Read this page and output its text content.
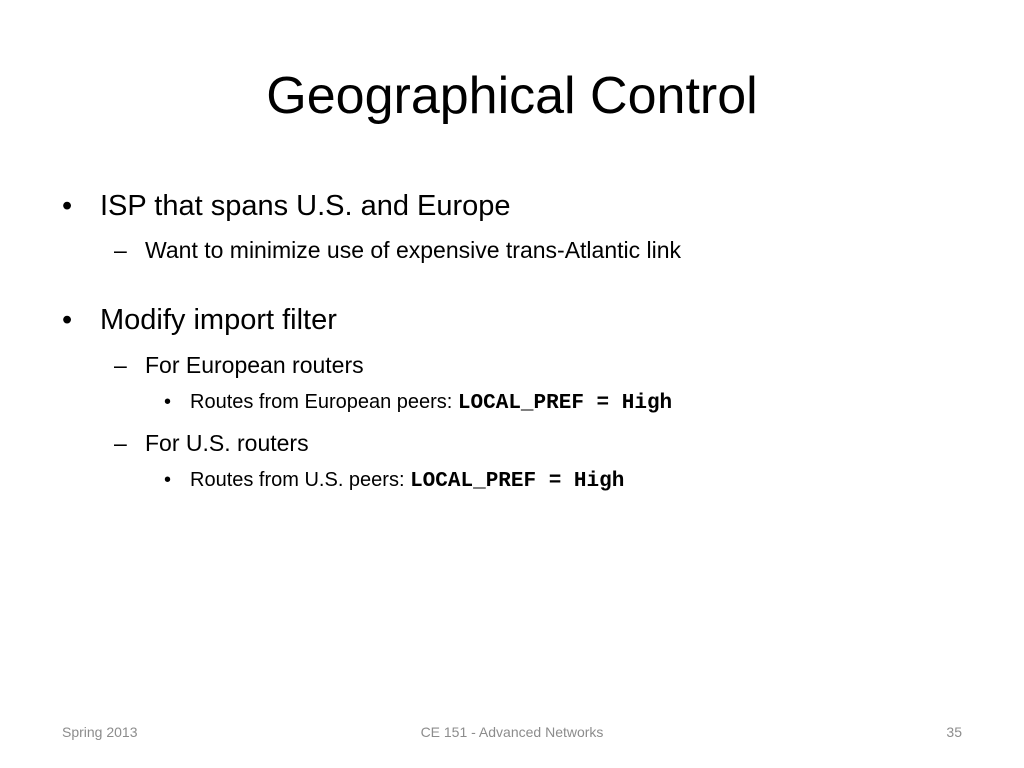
Geographical Control
• ISP that spans U.S. and Europe
– Want to minimize use of expensive trans-Atlantic link
• Modify import filter
– For European routers
• Routes from European peers: LOCAL_PREF = High
– For U.S. routers
• Routes from U.S. peers: LOCAL_PREF = High
Spring 2013	CE 151 - Advanced Networks	35
